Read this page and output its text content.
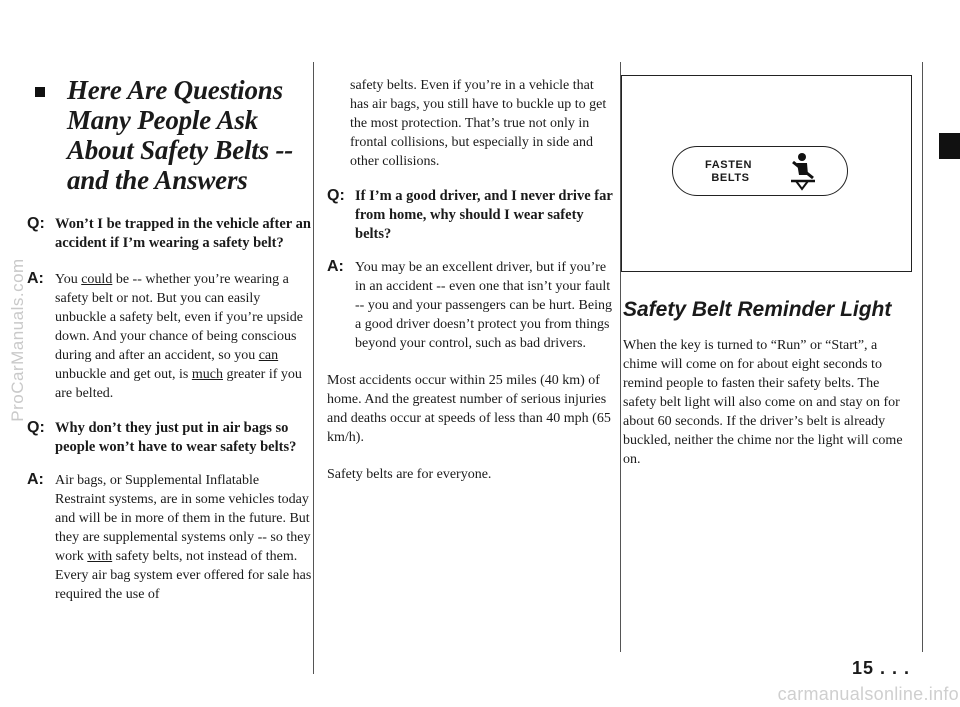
Here Are Questions Many People Ask About Safety Belts -- and the Answers
Q: Won’t I be trapped in the vehicle after an accident if I’m wearing a safety belt?
A: You could be -- whether you’re wearing a safety belt or not. But you can easily unbuckle a safety belt, even if you’re upside down. And your chance of being conscious during and after an accident, so you can unbuckle and get out, is much greater if you are belted.
Q: Why don’t they just put in air bags so people won’t have to wear safety belts?
A: Air bags, or Supplemental Inflatable Restraint systems, are in some vehicles today and will be in more of them in the future. But they are supplemental systems only -- so they work with safety belts, not instead of them. Every air bag system ever offered for sale has required the use of

safety belts. Even if you’re in a vehicle that has air bags, you still have to buckle up to get the most protection. That’s true not only in frontal collisions, but especially in side and other collisions.

Q: If I’m a good driver, and I never drive far from home, why should I wear safety belts?
A: You may be an excellent driver, but if you’re in an accident -- even one that isn’t your fault -- you and your passengers can be hurt. Being a good driver doesn’t protect you from things beyond your control, such as bad drivers.

Most accidents occur within 25 miles (40 km) of home. And the greatest number of serious injuries and deaths occur at speeds of less than 40 mph (65 km/h).

Safety belts are for everyone.

FASTEN
BELTS
Safety Belt Reminder Light

When the key is turned to “Run” or “Start”, a chime will come on for about eight seconds to remind people to fasten their safety belts. The safety belt light will also come on and stay on for about 60 seconds. If the driver’s belt is already buckled, neither the chime nor the light will come on.

15 . . .
ProCarManuals.com
carmanualsonline.info
